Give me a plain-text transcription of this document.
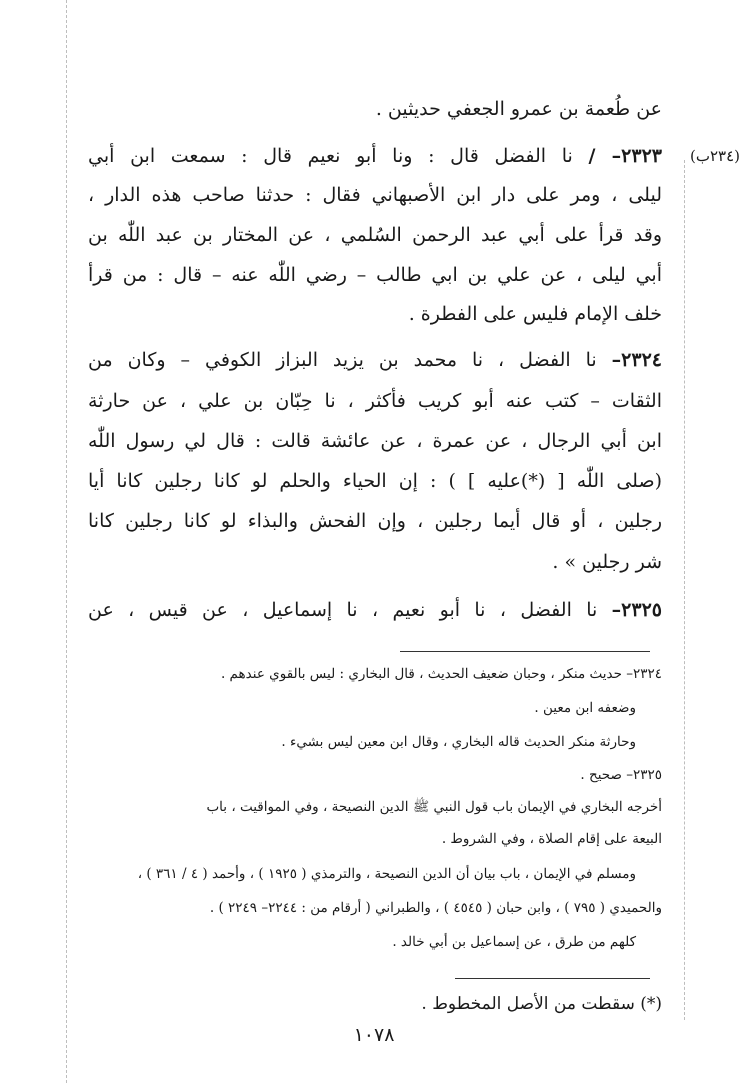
(٢٣٤ب)
عن طُعمة بن عمرو الجعفي حديثين .
٢٣٢٣– / نا الفضل قال : ونا أبو نعيم قال : سمعت ابن أبي
ليلى ، ومر على دار ابن الأصبهاني فقال : حدثنا صاحب هذه الدار ،
وقد قرأ على أبي عبد الرحمن السُلمي ، عن المختار بن عبد اللّٰه بن
أبي ليلى ، عن علي بن ابي طالب – رضي اللّٰه عنه – قال : من قرأ
خلف الإمام فليس على الفطرة .
٢٣٢٤– نا الفضل ، نا محمد بن يزيد البزاز الكوفي – وكان من
الثقات – كتب عنه أبو كريب فأكثر ، نا حِبّان بن علي ، عن حارثة
ابن أبي الرجال ، عن عمرة ، عن عائشة قالت : قال لي رسول اللّٰه
(صلى اللّٰه [ (*)عليه ] ) : إن الحياء والحلم لو كانا رجلين كانا أيا
رجلين ، أو قال أيما رجلين ، وإن الفحش والبذاء لو كانا رجلين كانا
شر رجلين » .
٢٣٢٥– نا الفضل ، نا أبو نعيم ، نا إسماعيل ، عن قيس ، عن
٢٣٢٤– حديث منكر ، وحبان ضعيف الحديث ، قال البخاري : ليس بالقوي عندهم .
وضعفه ابن معين .
وحارثة منكر الحديث قاله البخاري ، وقال ابن معين ليس بشيء .
٢٣٢٥– صحيح .
أخرجه البخاري في الإيمان باب قول النبي ﷺ الدين النصيحة ، وفي المواقيت ، باب
البيعة على إقام الصلاة ، وفي الشروط .
ومسلم في الإيمان ، باب بيان أن الدين النصيحة ، والترمذي ( ١٩٢٥ ) ، وأحمد ( ٤ / ٣٦١ ) ،
والحميدي ( ٧٩٥ ) ، وابن حبان ( ٤٥٤٥ ) ، والطبراني ( أرقام من : ٢٢٤٤– ٢٢٤٩ ) .
كلهم من طرق ، عن إسماعيل بن أبي خالد .
(*) سقطت من الأصل المخطوط .
١٠٧٨
